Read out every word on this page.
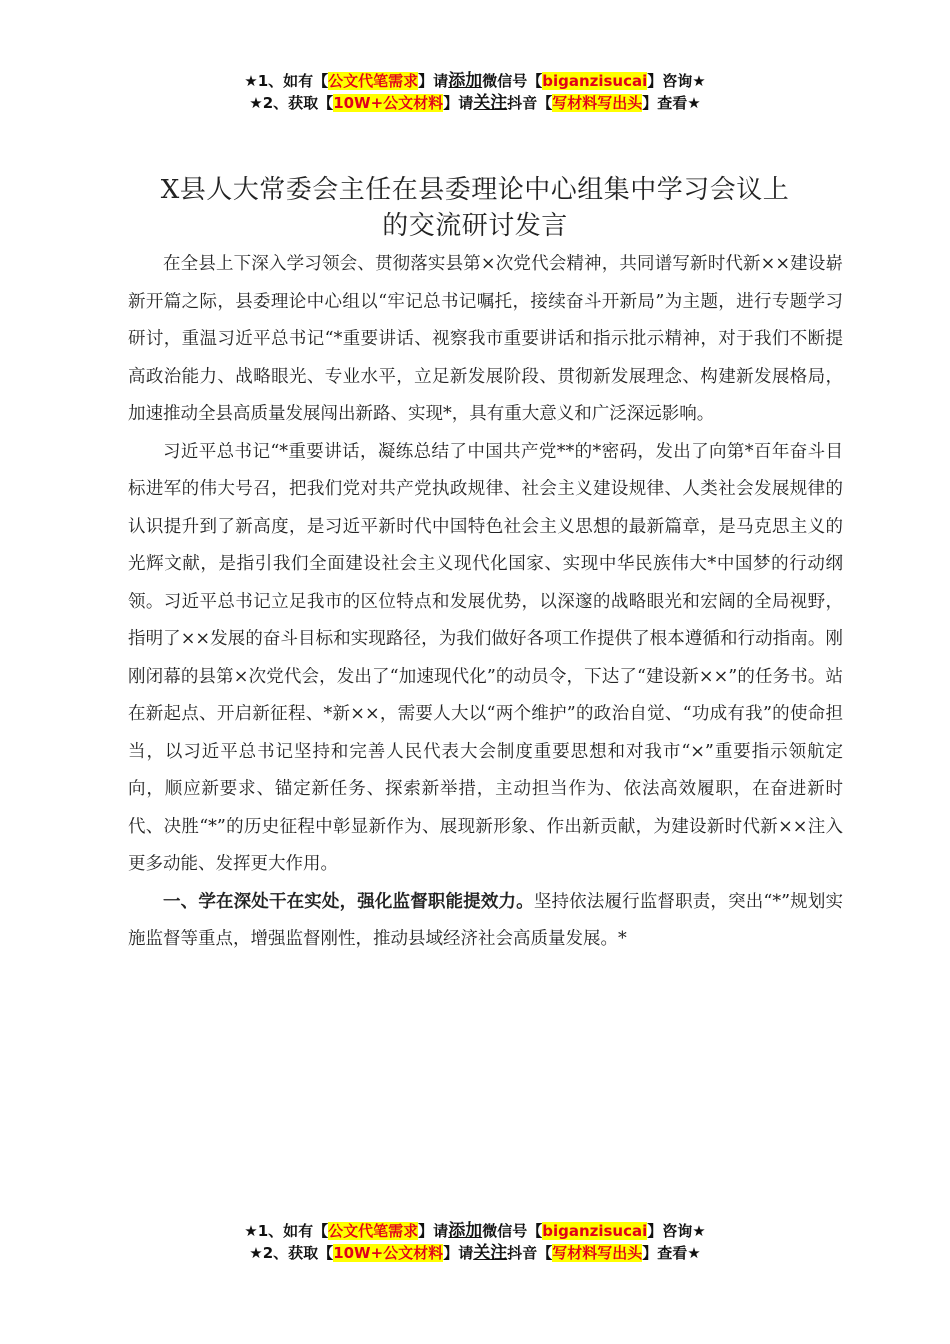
★1、如有【公文代笔需求】请添加微信号【biganzisucai】咨询★
★2、获取【10W+公文材料】请关注抖音【写材料写出头】查看★
X县人大常委会主任在县委理论中心组集中学习会议上
的交流研讨发言

在全县上下深入学习领会、贯彻落实县第×次党代会精神，共同谱写新时代新××建设崭新开篇之际，县委理论中心组以“牢记总书记嘱托，接续奋斗开新局”为主题，进行专题学习研讨，重温习近平总书记“*重要讲话、视察我市重要讲话和指示批示精神，对于我们不断提高政治能力、战略眼光、专业水平，立足新发展阶段、贯彻新发展理念、构建新发展格局，加速推动全县高质量发展闯出新路、实现*，具有重大意义和广泛深远影响。

习近平总书记“*重要讲话，凝练总结了中国共产党**的*密码，发出了向第*百年奋斗目标进军的伟大号召，把我们党对共产党执政规律、社会主义建设规律、人类社会发展规律的认识提升到了新高度，是习近平新时代中国特色社会主义思想的最新篇章，是马克思主义的光辉文献，是指引我们全面建设社会主义现代化国家、实现中华民族伟大*中国梦的行动纲领。习近平总书记立足我市的区位特点和发展优势，以深邃的战略眼光和宏阔的全局视野，指明了××发展的奋斗目标和实现路径，为我们做好各项工作提供了根本遵循和行动指南。刚刚闭幕的县第×次党代会，发出了“加速现代化”的动员令，下达了“建设新××”的任务书。站在新起点、开启新征程、*新××，需要人大以“两个维护”的政治自觉、“功成有我”的使命担当，以习近平总书记坚持和完善人民代表大会制度重要思想和对我市“×”重要指示领航定向，顺应新要求、锚定新任务、探索新举措，主动担当作为、依法高效履职，在奋进新时代、决胜“*”的历史征程中彰显新作为、展现新形象、作出新贡献，为建设新时代新××注入更多动能、发挥更大作用。

一、学在深处干在实处，强化监督职能提效力。坚持依法履行监督职责，突出“*”规划实施监督等重点，增强监督刚性，推动县域经济社会高质量发展。*

★1、如有【公文代笔需求】请添加微信号【biganzisucai】咨询★
★2、获取【10W+公文材料】请关注抖音【写材料写出头】查看★
